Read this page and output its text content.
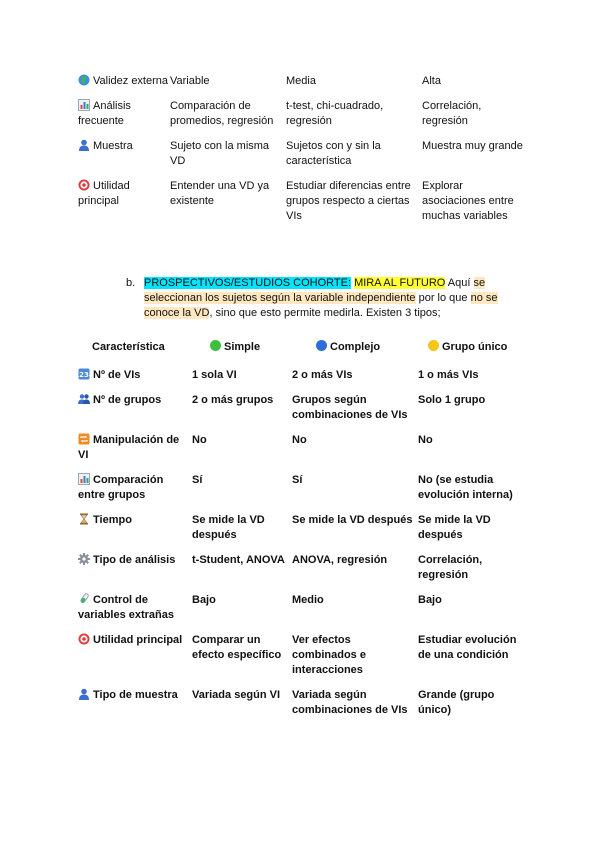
Validez externa	Variable	Media	Alta
Análisis frecuente	Comparación de promedios, regresión	t-test, chi-cuadrado, regresión	Correlación, regresión
Muestra	Sujeto con la misma VD	Sujetos con y sin la característica	Muestra muy grande
Utilidad principal	Entender una VD ya existente	Estudiar diferencias entre grupos respecto a ciertas VIs	Explorar asociaciones entre muchas variables
b. PROSPECTIVOS/ESTUDIOS COHORTE: MIRA AL FUTURO Aquí se seleccionan los sujetos según la variable independiente por lo que no se conoce la VD, sino que esto permite medirla. Existen 3 tipos;
Característica	Simple	Complejo	Grupo único

1234 Nº de VIs	1 sola VI	2 o más VIs	1 o más VIs
Nº de grupos	2 o más grupos	Grupos según combinaciones de VIs	Solo 1 grupo
Manipulación de VI	No	No	No
Comparación entre grupos	Sí	Sí	No (se estudia evolución interna)
Tiempo	Se mide la VD después	Se mide la VD después	Se mide la VD después
Tipo de análisis	t-Student, ANOVA	ANOVA, regresión	Correlación, regresión
Control de variables extrañas	Bajo	Medio	Bajo
Utilidad principal	Comparar un efecto específico	Ver efectos combinados e interacciones	Estudiar evolución de una condición
Tipo de muestra	Variada según VI	Variada según combinaciones de VIs	Grande (grupo único)
